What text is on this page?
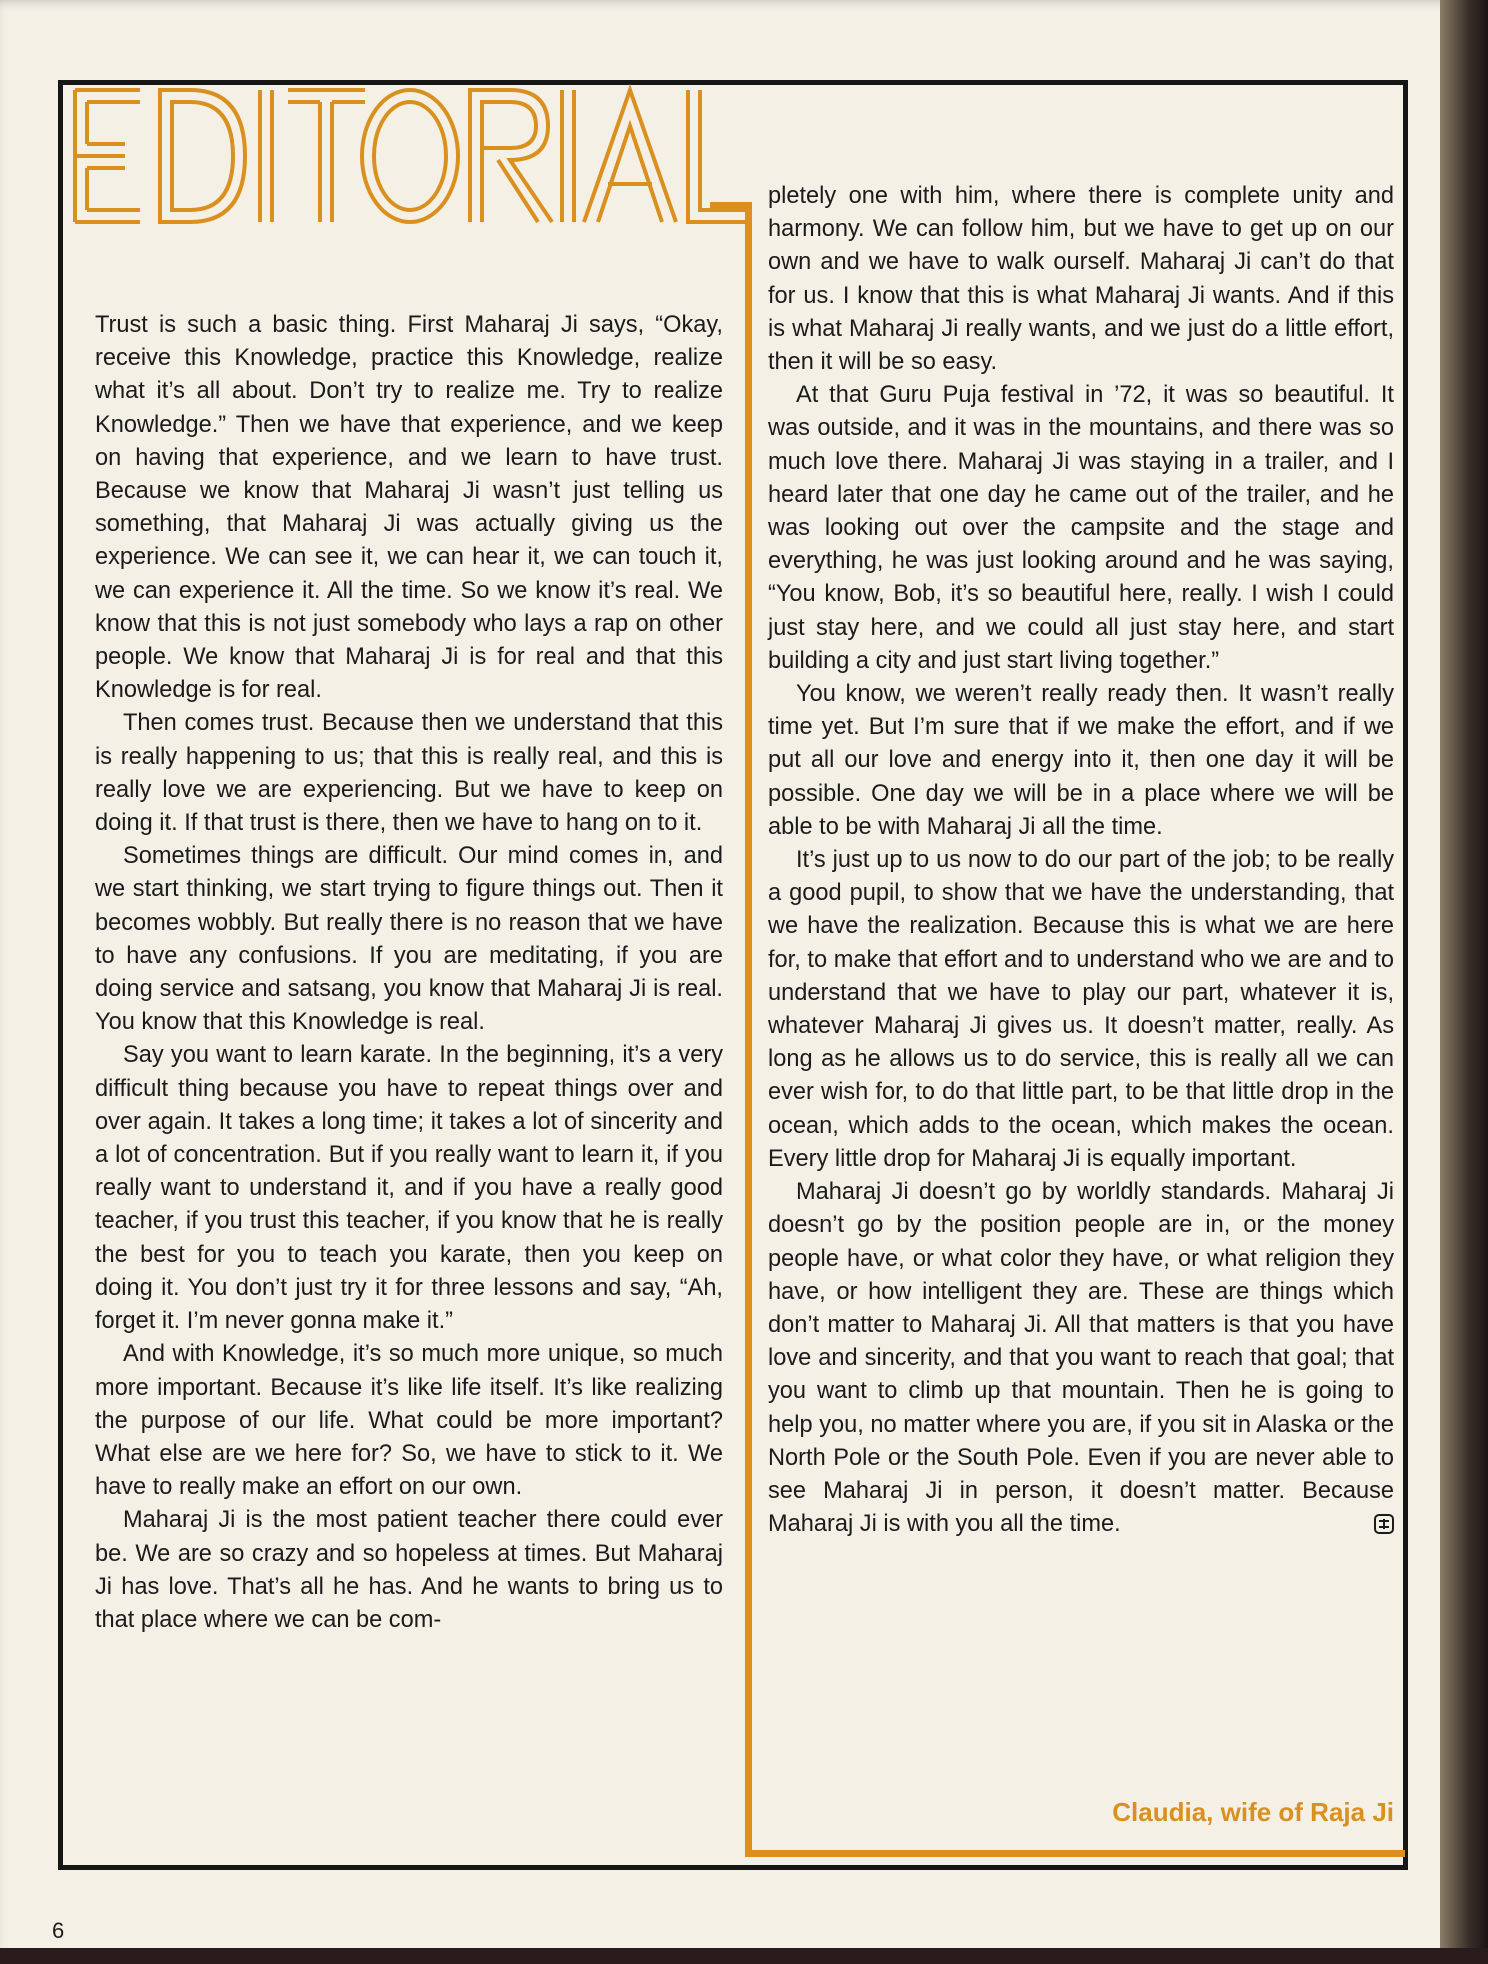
Trust is such a basic thing. First Maharaj Ji says, “Okay, receive this Knowledge, practice this Knowledge, realize what it’s all about. Don’t try to realize me. Try to realize Knowledge.” Then we have that experience, and we keep on having that experience, and we learn to have trust. Because we know that Maharaj Ji wasn’t just telling us something, that Maharaj Ji was actually giving us the experience. We can see it, we can hear it, we can touch it, we can experience it. All the time. So we know it’s real. We know that this is not just somebody who lays a rap on other people. We know that Maharaj Ji is for real and that this Knowledge is for real.

Then comes trust. Because then we understand that this is really happening to us; that this is really real, and this is really love we are experiencing. But we have to keep on doing it. If that trust is there, then we have to hang on to it.

Sometimes things are difficult. Our mind comes in, and we start thinking, we start trying to figure things out. Then it becomes wobbly. But really there is no reason that we have to have any confusions. If you are meditating, if you are doing service and satsang, you know that Maharaj Ji is real. You know that this Knowledge is real.

Say you want to learn karate. In the beginning, it’s a very difficult thing because you have to repeat things over and over again. It takes a long time; it takes a lot of sincerity and a lot of concentration. But if you really want to learn it, if you really want to understand it, and if you have a really good teacher, if you trust this teacher, if you know that he is really the best for you to teach you karate, then you keep on doing it. You don’t just try it for three lessons and say, “Ah, forget it. I’m never gonna make it.”

And with Knowledge, it’s so much more unique, so much more important. Because it’s like life itself. It’s like realizing the purpose of our life. What could be more important? What else are we here for? So, we have to stick to it. We have to really make an effort on our own.

Maharaj Ji is the most patient teacher there could ever be. We are so crazy and so hopeless at times. But Maharaj Ji has love. That’s all he has. And he wants to bring us to that place where we can be com-

pletely one with him, where there is complete unity and harmony. We can follow him, but we have to get up on our own and we have to walk ourself. Maharaj Ji can’t do that for us. I know that this is what Maharaj Ji wants. And if this is what Maharaj Ji really wants, and we just do a little effort, then it will be so easy.

At that Guru Puja festival in ’72, it was so beautiful. It was outside, and it was in the mountains, and there was so much love there. Maharaj Ji was staying in a trailer, and I heard later that one day he came out of the trailer, and he was looking out over the campsite and the stage and everything, he was just looking around and he was saying, “You know, Bob, it’s so beautiful here, really. I wish I could just stay here, and we could all just stay here, and start building a city and just start living together.”

You know, we weren’t really ready then. It wasn’t really time yet. But I’m sure that if we make the effort, and if we put all our love and energy into it, then one day it will be possible. One day we will be in a place where we will be able to be with Maharaj Ji all the time.

It’s just up to us now to do our part of the job; to be really a good pupil, to show that we have the understanding, that we have the realization. Because this is what we are here for, to make that effort and to understand who we are and to understand that we have to play our part, whatever it is, whatever Maharaj Ji gives us. It doesn’t matter, really. As long as he allows us to do service, this is really all we can ever wish for, to do that little part, to be that little drop in the ocean, which adds to the ocean, which makes the ocean. Every little drop for Maharaj Ji is equally important.

Maharaj Ji doesn’t go by worldly standards. Maharaj Ji doesn’t go by the position people are in, or the money people have, or what color they have, or what religion they have, or how intelligent they are. These are things which don’t matter to Maharaj Ji. All that matters is that you have love and sincerity, and that you want to reach that goal; that you want to climb up that mountain. Then he is going to help you, no matter where you are, if you sit in Alaska or the North Pole or the South Pole. Even if you are never able to see Maharaj Ji in person, it doesn’t matter. Because Maharaj Ji is with you all the time.

Claudia, wife of Raja Ji
6
